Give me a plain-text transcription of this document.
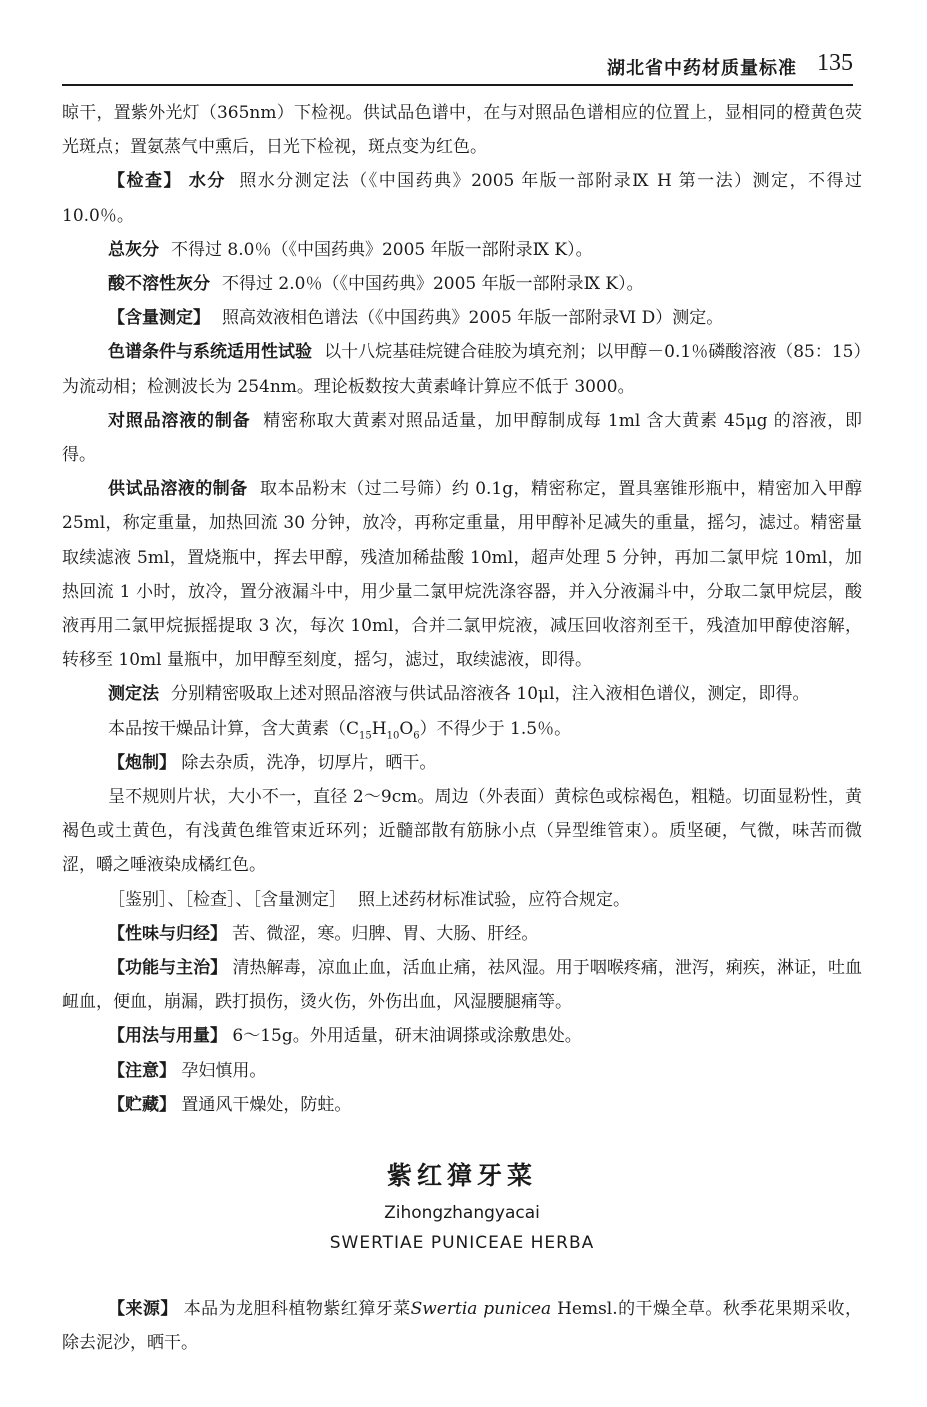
湖北省中药材质量标准 135

晾干，置紫外光灯（365nm）下检视。供试品色谱中，在与对照品色谱相应的位置上，显相同的橙黄色荧光斑点；置氨蒸气中熏后，日光下检视，斑点变为红色。

【检查】 水分 照水分测定法（《中国药典》2005 年版一部附录Ⅸ H 第一法）测定，不得过 10.0％。

总灰分 不得过 8.0％（《中国药典》2005 年版一部附录Ⅸ K）。

酸不溶性灰分 不得过 2.0％（《中国药典》2005 年版一部附录Ⅸ K）。

【含量测定】 照高效液相色谱法（《中国药典》2005 年版一部附录Ⅵ D）测定。

色谱条件与系统适用性试验 以十八烷基硅烷键合硅胶为填充剂；以甲醇－0.1％磷酸溶液（85：15）为流动相；检测波长为 254nm。理论板数按大黄素峰计算应不低于 3000。

对照品溶液的制备 精密称取大黄素对照品适量，加甲醇制成每 1ml 含大黄素 45μg 的溶液，即得。

供试品溶液的制备 取本品粉末（过二号筛）约 0.1g，精密称定，置具塞锥形瓶中，精密加入甲醇 25ml，称定重量，加热回流 30 分钟，放冷，再称定重量，用甲醇补足减失的重量，摇匀，滤过。精密量取续滤液 5ml，置烧瓶中，挥去甲醇，残渣加稀盐酸 10ml，超声处理 5 分钟，再加二氯甲烷 10ml，加热回流 1 小时，放冷，置分液漏斗中，用少量二氯甲烷洗涤容器，并入分液漏斗中，分取二氯甲烷层，酸液再用二氯甲烷振摇提取 3 次，每次 10ml，合并二氯甲烷液，减压回收溶剂至干，残渣加甲醇使溶解，转移至 10ml 量瓶中，加甲醇至刻度，摇匀，滤过，取续滤液，即得。

测定法 分别精密吸取上述对照品溶液与供试品溶液各 10μl，注入液相色谱仪，测定，即得。

本品按干燥品计算，含大黄素$(C_{15}H_{10}O_6)$不得少于 1.5％。

【炮制】 除去杂质，洗净，切厚片，晒干。

呈不规则片状，大小不一，直径 2～9cm。周边（外表面）黄棕色或棕褐色，粗糙。切面显粉性，黄褐色或土黄色，有浅黄色维管束近环列；近髓部散有筋脉小点（异型维管束）。质坚硬，气微，味苦而微涩，嚼之唾液染成橘红色。

［鉴别］、［检查］、［含量测定］ 照上述药材标准试验，应符合规定。

【性味与归经】 苦、微涩，寒。归脾、胃、大肠、肝经。

【功能与主治】 清热解毒，凉血止血，活血止痛，祛风湿。用于咽喉疼痛，泄泻，痢疾，淋证，吐血衄血，便血，崩漏，跌打损伤，烫火伤，外伤出血，风湿腰腿痛等。

【用法与用量】 6～15g。外用适量，研末油调搽或涂敷患处。

【注意】 孕妇慎用。

【贮藏】 置通风干燥处，防蛀。

紫红獐牙菜
Zihongzhangyacai
SWERTIAE PUNICEAE HERBA

【来源】 本品为龙胆科植物紫红獐牙菜Swertia punicea Hemsl.的干燥全草。秋季花果期采收，除去泥沙，晒干。
